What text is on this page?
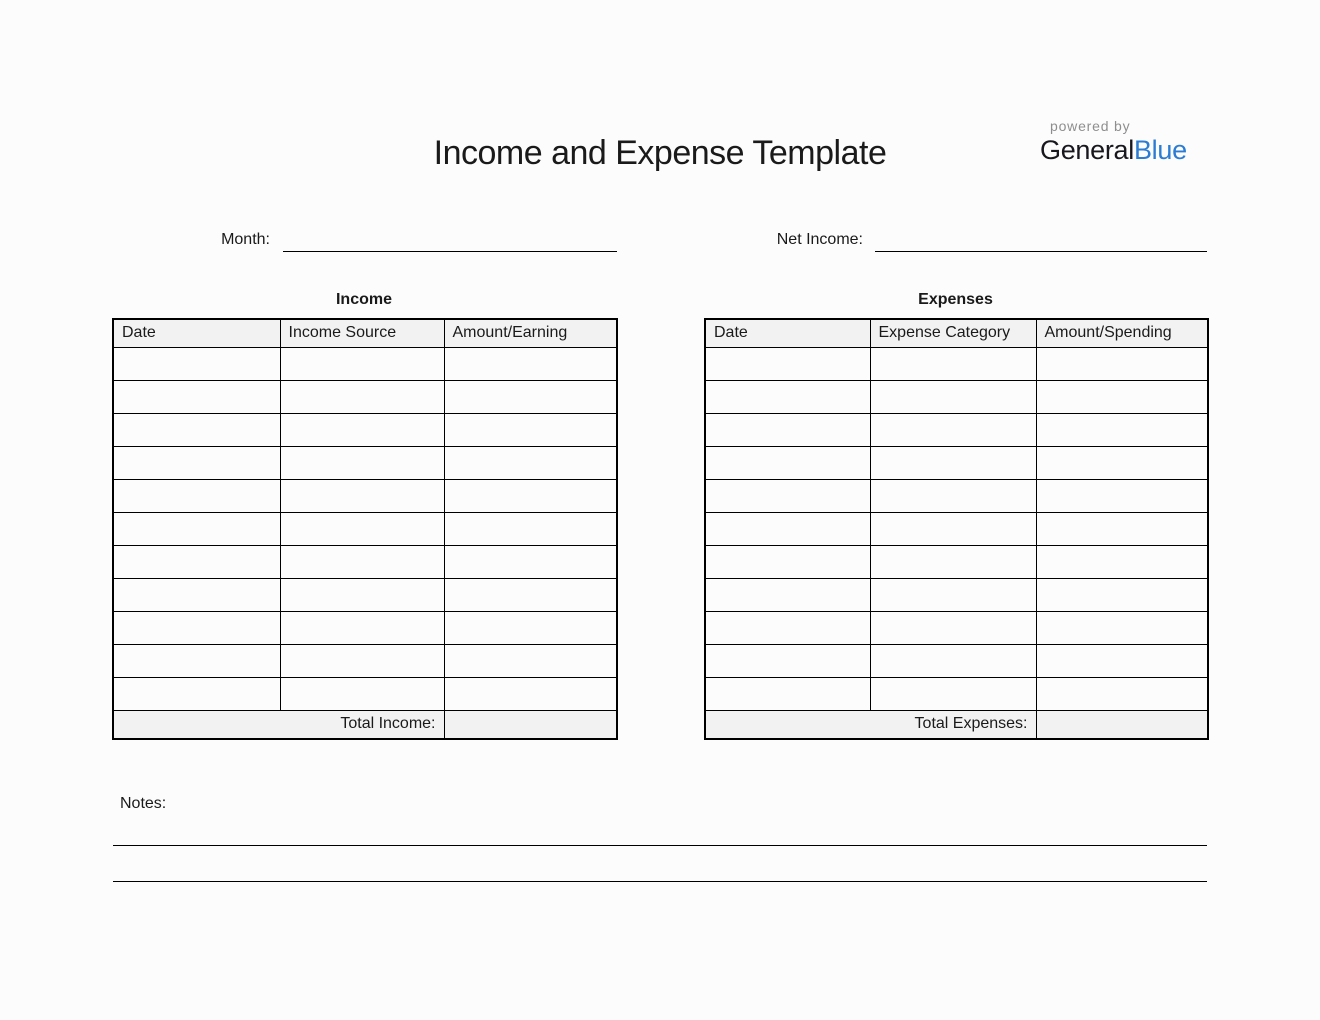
Income and Expense Template
powered by
GeneralBlue
Month:	Net Income:
Income
Date	Income Source	Amount/Earning

Total Income:		
Expenses
Date	Expense Category	Amount/Spending

Total Expenses:		
Notes:
